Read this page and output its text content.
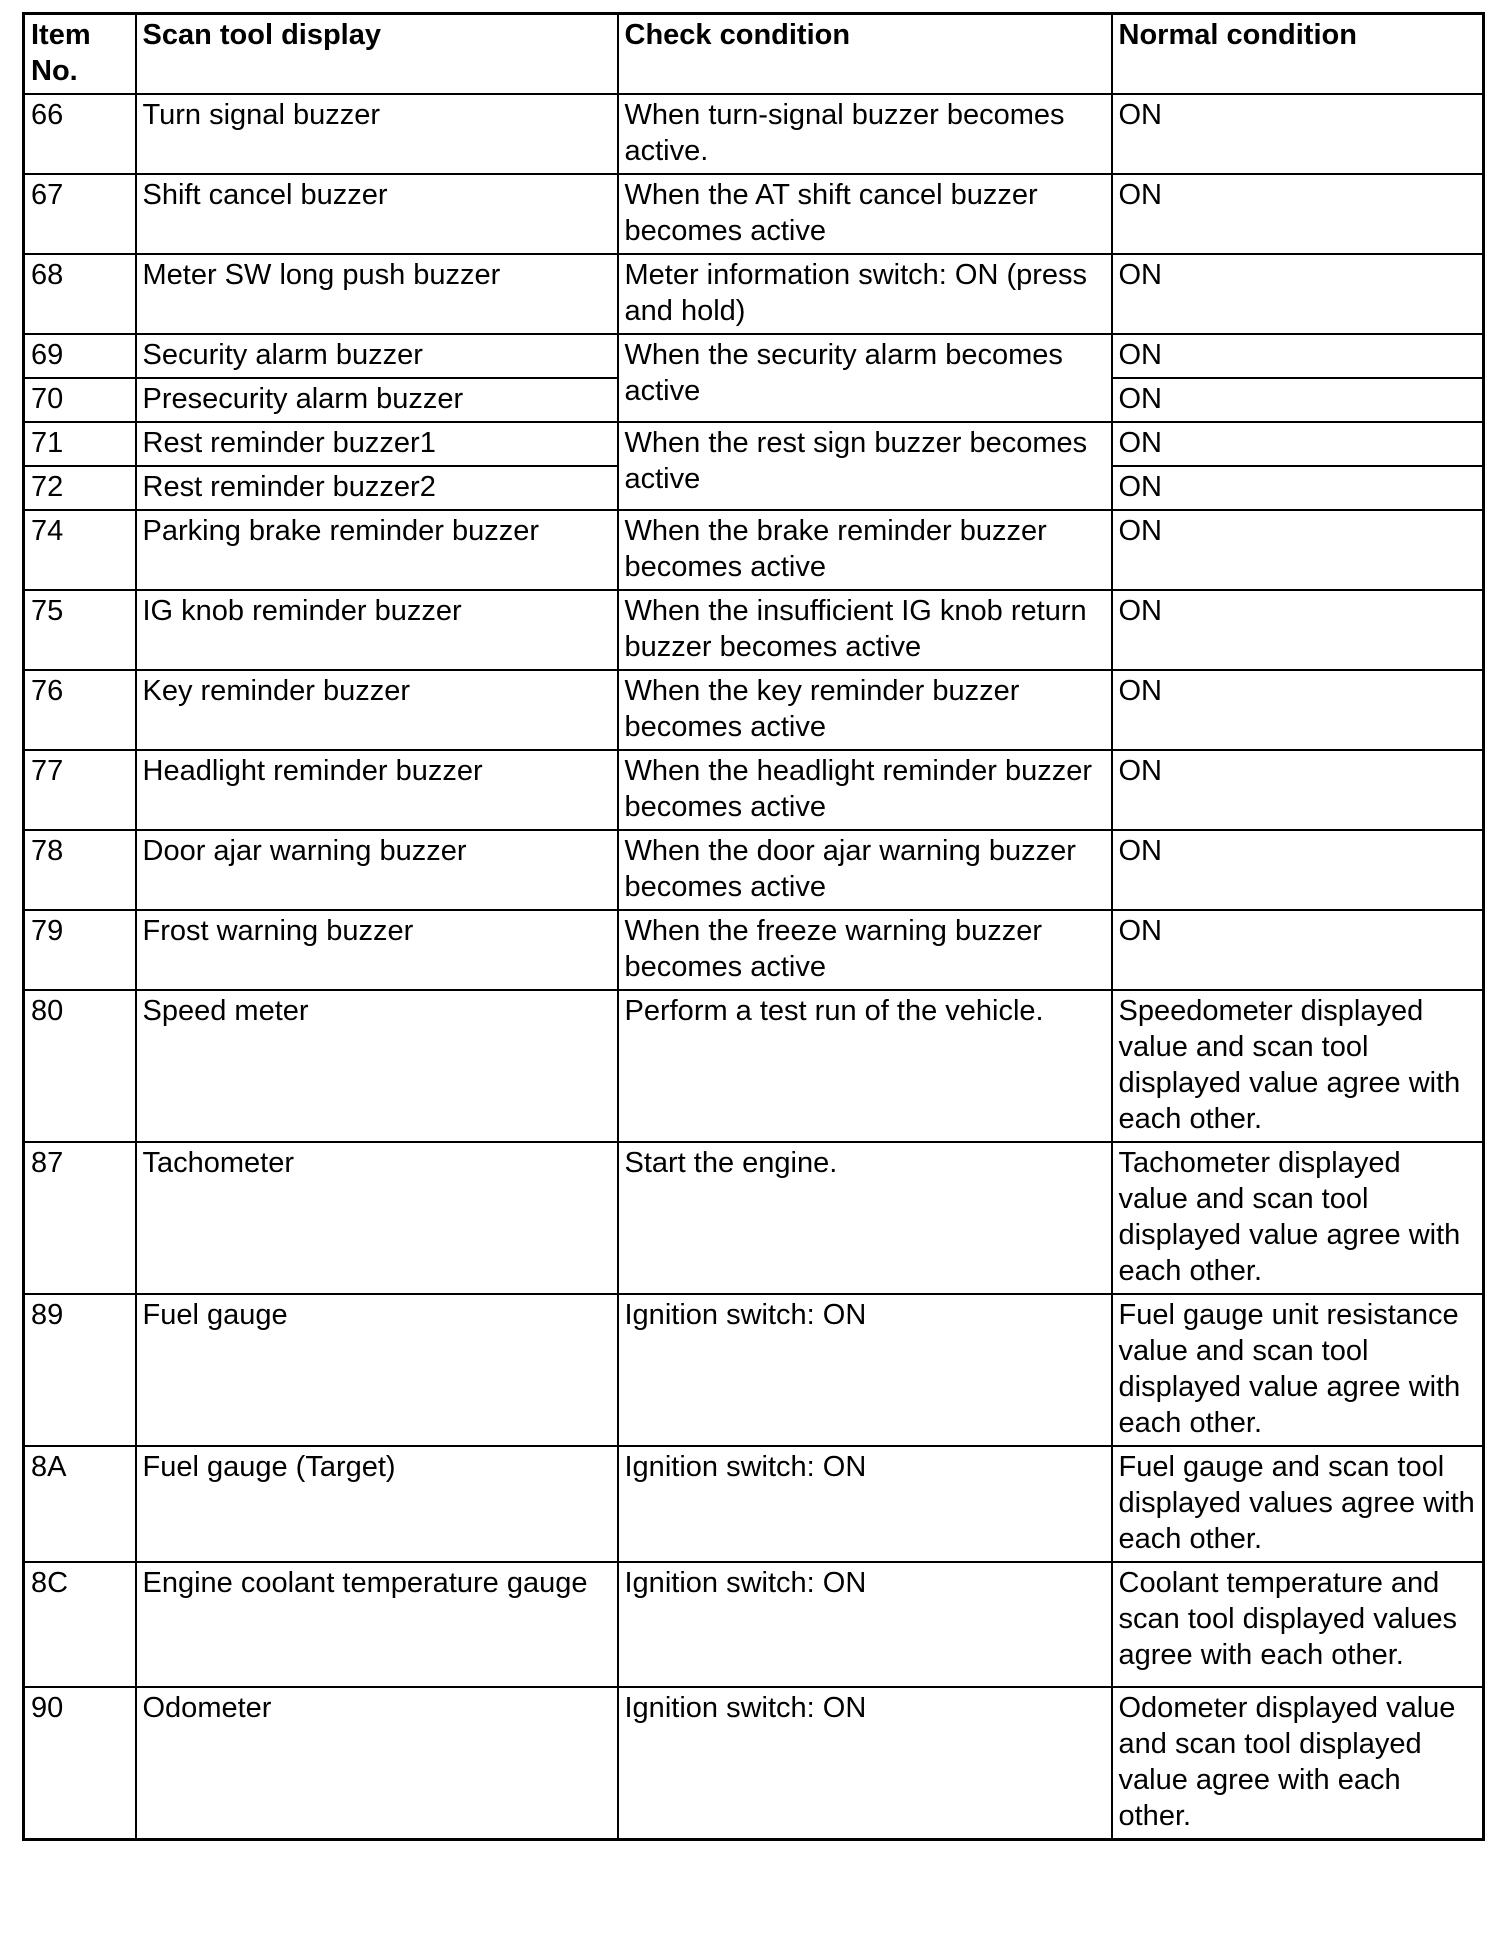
Item No.	Scan tool display	Check condition	Normal condition
66	Turn signal buzzer	When turn-signal buzzer becomes active.	ON
67	Shift cancel buzzer	When the AT shift cancel buzzer becomes active	ON
68	Meter SW long push buzzer	Meter information switch: ON (press and hold)	ON
69	Security alarm buzzer	When the security alarm becomes active	ON
70	Presecurity alarm buzzer		ON
71	Rest reminder buzzer1	When the rest sign buzzer becomes active	ON
72	Rest reminder buzzer2		ON
74	Parking brake reminder buzzer	When the brake reminder buzzer becomes active	ON
75	IG knob reminder buzzer	When the insufficient IG knob return buzzer becomes active	ON
76	Key reminder buzzer	When the key reminder buzzer becomes active	ON
77	Headlight reminder buzzer	When the headlight reminder buzzer becomes active	ON
78	Door ajar warning buzzer	When the door ajar warning buzzer becomes active	ON
79	Frost warning buzzer	When the freeze warning buzzer becomes active	ON
80	Speed meter	Perform a test run of the vehicle.	Speedometer displayed value and scan tool displayed value agree with each other.
87	Tachometer	Start the engine.	Tachometer displayed value and scan tool displayed value agree with each other.
89	Fuel gauge	Ignition switch: ON	Fuel gauge unit resistance value and scan tool displayed value agree with each other.
8A	Fuel gauge (Target)	Ignition switch: ON	Fuel gauge and scan tool displayed values agree with each other.
8C	Engine coolant temperature gauge	Ignition switch: ON	Coolant temperature and scan tool displayed values agree with each other.
90	Odometer	Ignition switch: ON	Odometer displayed value and scan tool displayed value agree with each other.
